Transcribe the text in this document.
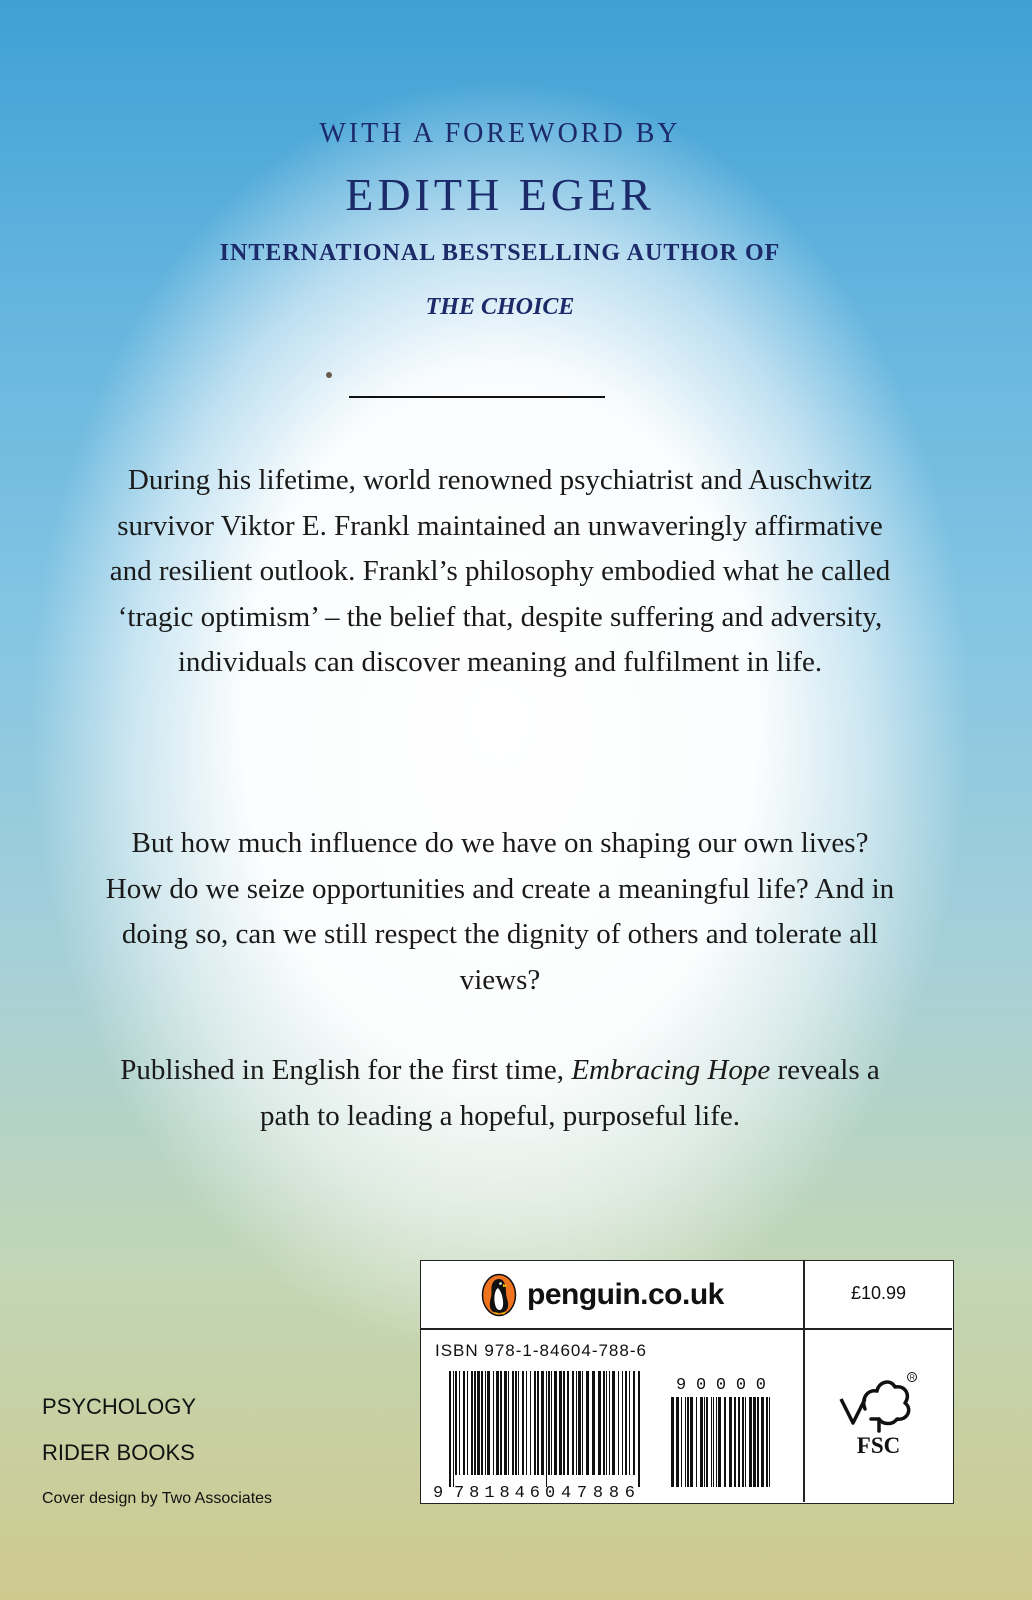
WITH A FOREWORD BY
EDITH EGER
INTERNATIONAL BESTSELLING AUTHOR OF
THE CHOICE

During his lifetime, world renowned psychiatrist and Auschwitz survivor Viktor E. Frankl maintained an unwaveringly affirmative and resilient outlook. Frankl’s philosophy embodied what he called ‘tragic optimism’ – the belief that, despite suffering and adversity, individuals can discover meaning and fulfilment in life.

But how much influence do we have on shaping our own lives? How do we seize opportunities and create a meaningful life? And in doing so, can we still respect the dignity of others and tolerate all views?

Published in English for the first time, Embracing Hope reveals a path to leading a hopeful, purposeful life.

PSYCHOLOGY
RIDER BOOKS
Cover design by Two Associates
penguin.co.uk	£10.99
ISBN 978-1-84604-788-6
9 781846 047886
90000	R
FSC
